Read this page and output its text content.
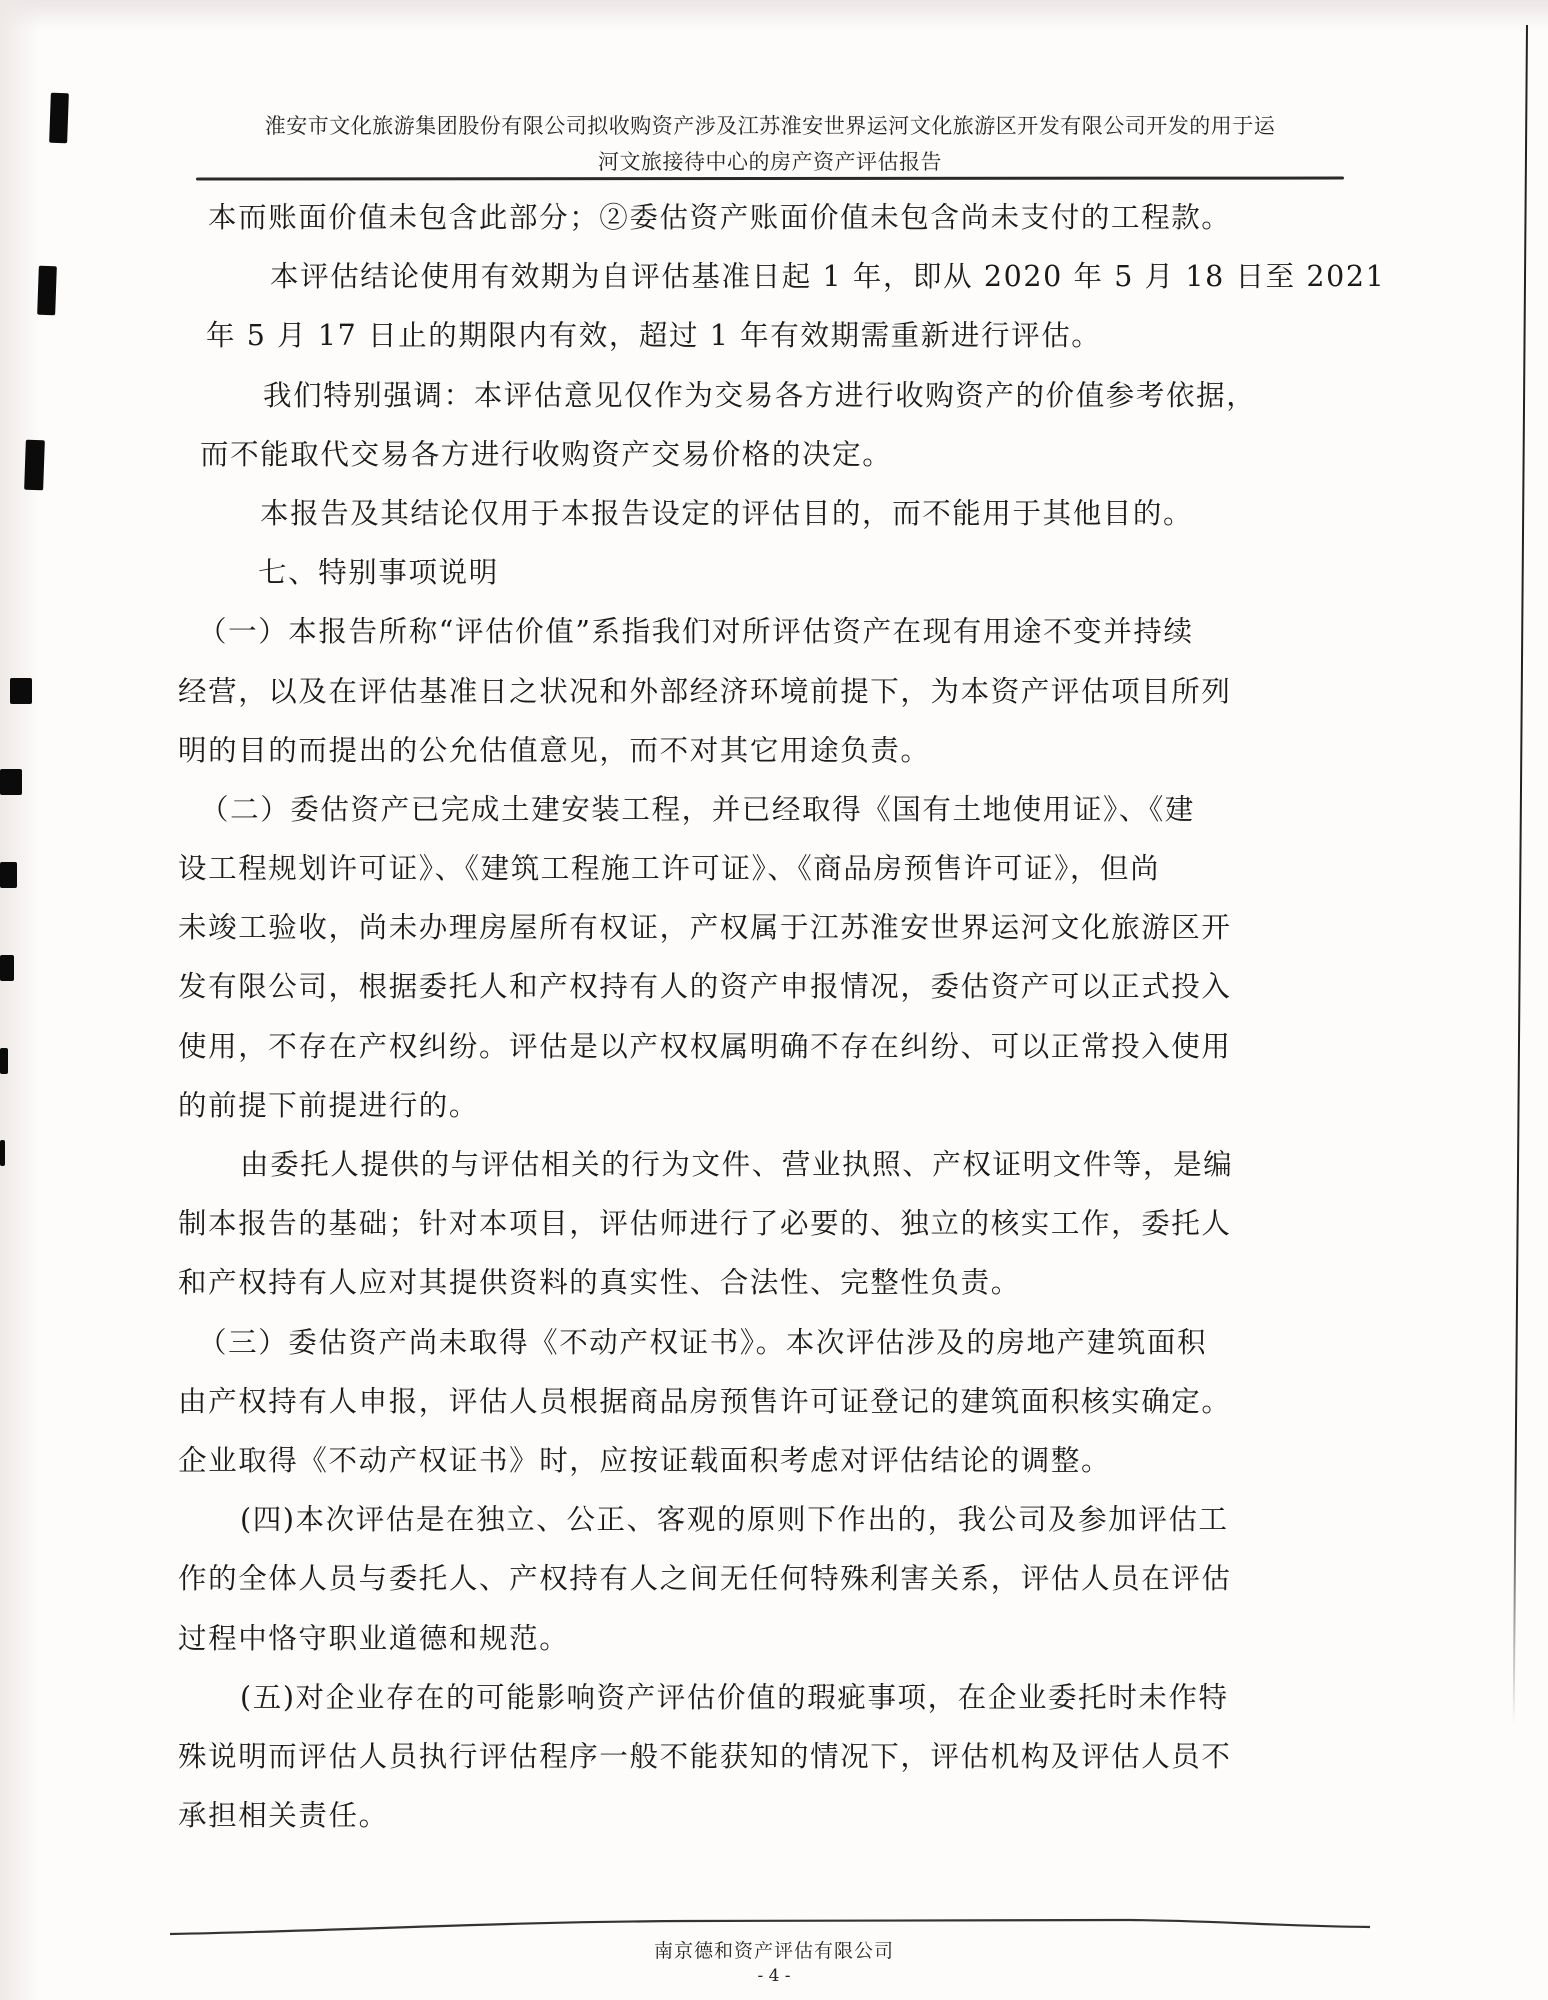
淮安市文化旅游集团股份有限公司拟收购资产涉及江苏淮安世界运河文化旅游区开发有限公司开发的用于运
河文旅接待中心的房产资产评估报告
本而账面价值未包含此部分；②委估资产账面价值未包含尚未支付的工程款。
本评估结论使用有效期为自评估基准日起 1 年，即从 2020 年 5 月 18 日至 2021
年 5 月 17 日止的期限内有效，超过 1 年有效期需重新进行评估。
我们特别强调：本评估意见仅作为交易各方进行收购资产的价值参考依据，
而不能取代交易各方进行收购资产交易价格的决定。
本报告及其结论仅用于本报告设定的评估目的，而不能用于其他目的。
七、特别事项说明
（一）本报告所称“评估价值”系指我们对所评估资产在现有用途不变并持续
经营，以及在评估基准日之状况和外部经济环境前提下，为本资产评估项目所列
明的目的而提出的公允估值意见，而不对其它用途负责。
（二）委估资产已完成土建安装工程，并已经取得《国有土地使用证》、《建
设工程规划许可证》、《建筑工程施工许可证》、《商品房预售许可证》，但尚
未竣工验收，尚未办理房屋所有权证，产权属于江苏淮安世界运河文化旅游区开
发有限公司，根据委托人和产权持有人的资产申报情况，委估资产可以正式投入
使用，不存在产权纠纷。评估是以产权权属明确不存在纠纷、可以正常投入使用
的前提下前提进行的。
由委托人提供的与评估相关的行为文件、营业执照、产权证明文件等，是编
制本报告的基础；针对本项目，评估师进行了必要的、独立的核实工作，委托人
和产权持有人应对其提供资料的真实性、合法性、完整性负责。
（三）委估资产尚未取得《不动产权证书》。本次评估涉及的房地产建筑面积
由产权持有人申报，评估人员根据商品房预售许可证登记的建筑面积核实确定。
企业取得《不动产权证书》时，应按证载面积考虑对评估结论的调整。
(四)本次评估是在独立、公正、客观的原则下作出的，我公司及参加评估工
作的全体人员与委托人、产权持有人之间无任何特殊利害关系，评估人员在评估
过程中恪守职业道德和规范。
(五)对企业存在的可能影响资产评估价值的瑕疵事项，在企业委托时未作特
殊说明而评估人员执行评估程序一般不能获知的情况下，评估机构及评估人员不
承担相关责任。
南京德和资产评估有限公司
- 4 -
